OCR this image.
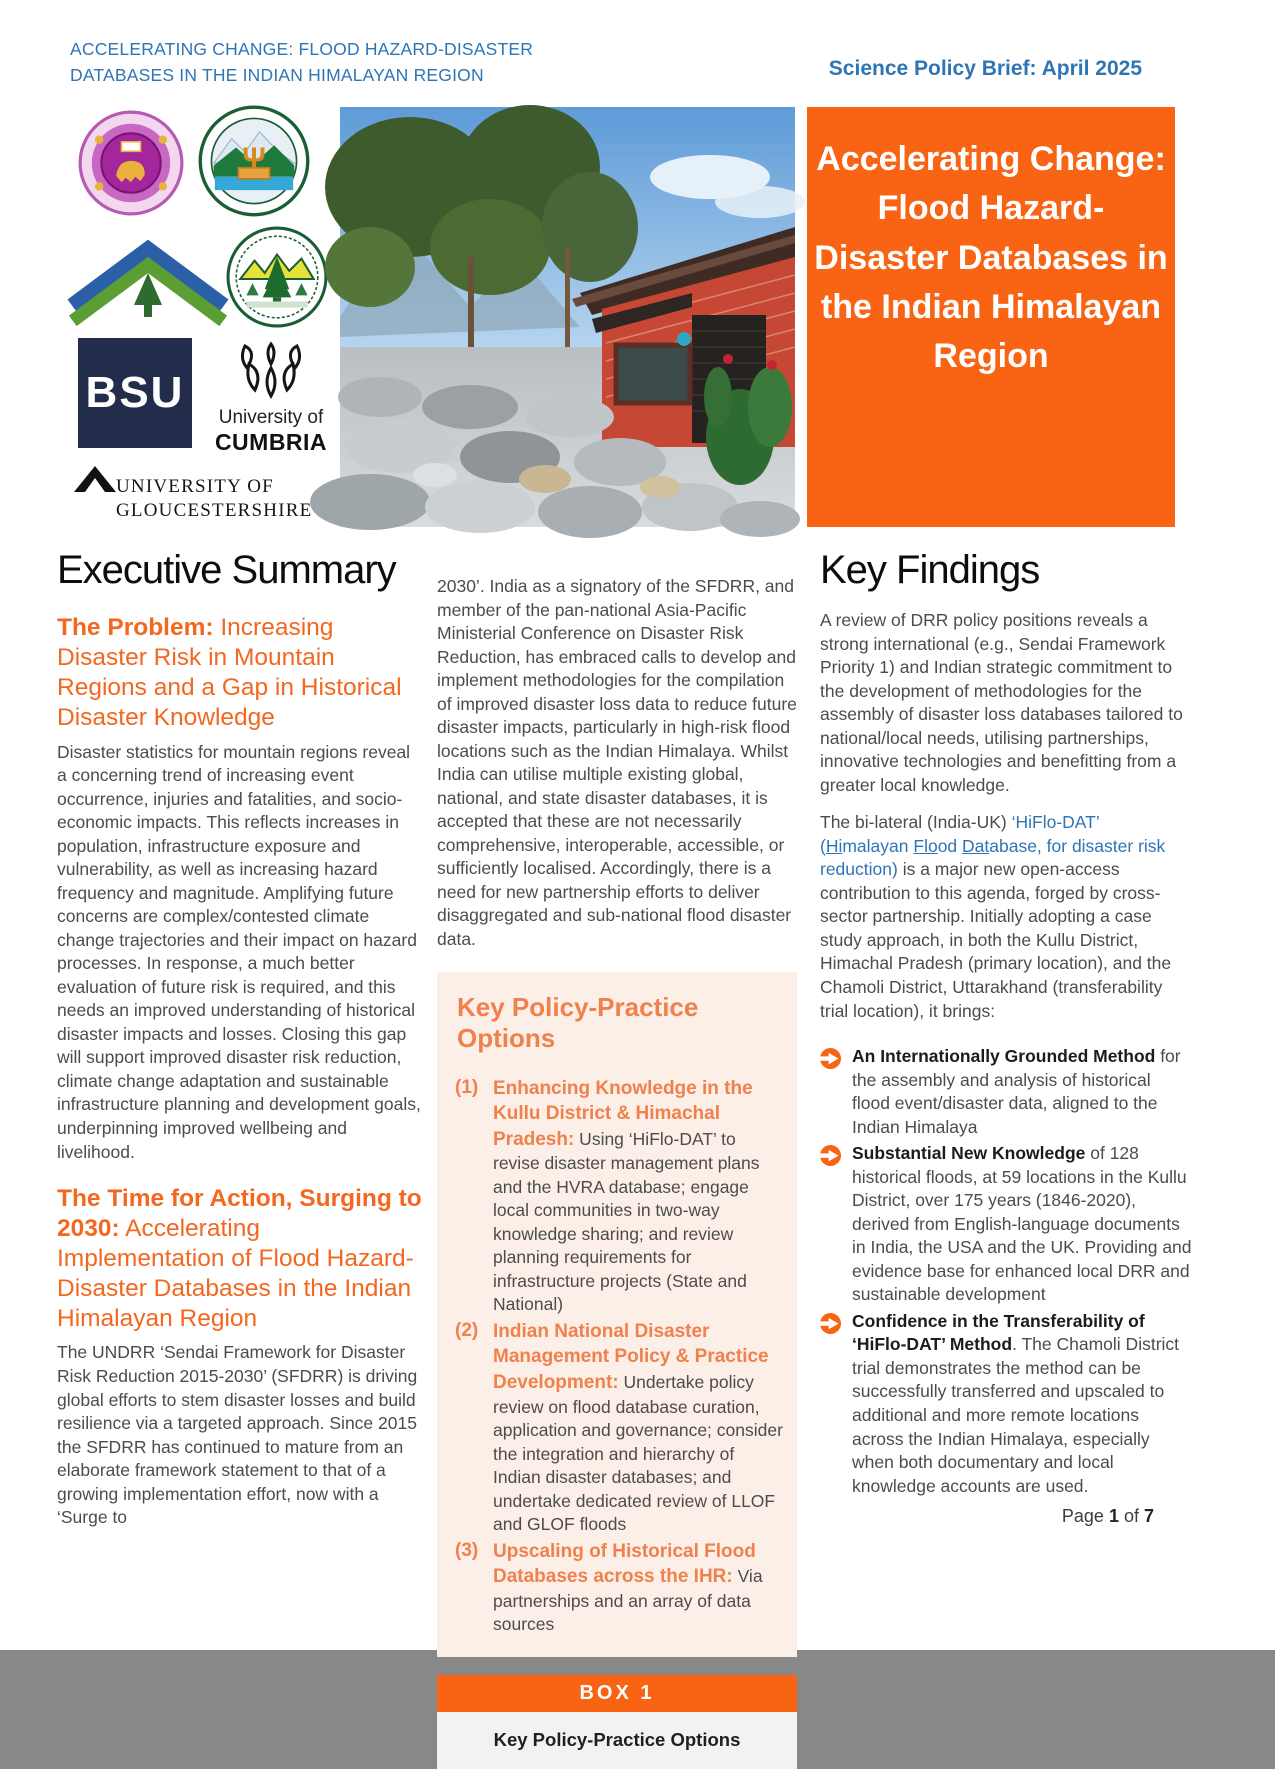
ACCELERATING CHANGE: FLOOD HAZARD-DISASTER
DATABASES IN THE INDIAN HIMALAYAN REGION	Science Policy Brief: April 2025
Ψ
BSU
University of
CUMBRIA
UNIVERSITY OF
GLOUCESTERSHIRE
Accelerating Change: Flood Hazard-Disaster Databases in the Indian Himalayan Region
Executive Summary
The Problem: Increasing Disaster Risk in Mountain Regions and a Gap in Historical Disaster Knowledge

Disaster statistics for mountain regions reveal a concerning trend of increasing event occurrence, injuries and fatalities, and socio-economic impacts. This reflects increases in population, infrastructure exposure and vulnerability, as well as increasing hazard frequency and magnitude. Amplifying future concerns are complex/contested climate change trajectories and their impact on hazard processes. In response, a much better evaluation of future risk is required, and this needs an improved understanding of historical disaster impacts and losses. Closing this gap will support improved disaster risk reduction, climate change adaptation and sustainable infrastructure planning and development goals, underpinning improved wellbeing and livelihood.

The Time for Action, Surging to 2030: Accelerating Implementation of Flood Hazard-Disaster Databases in the Indian Himalayan Region

The UNDRR ‘Sendai Framework for Disaster Risk Reduction 2015-2030’ (SFDRR) is driving global efforts to stem disaster losses and build resilience via a targeted approach. Since 2015 the SFDRR has continued to mature from an elaborate framework statement to that of a growing implementation effort, now with a ‘Surge to

2030’. India as a signatory of the SFDRR, and member of the pan-national Asia-Pacific Ministerial Conference on Disaster Risk Reduction, has embraced calls to develop and implement methodologies for the compilation of improved disaster loss data to reduce future disaster impacts, particularly in high-risk flood locations such as the Indian Himalaya. Whilst India can utilise multiple existing global, national, and state disaster databases, it is accepted that these are not necessarily comprehensive, interoperable, accessible, or sufficiently localised. Accordingly, there is a need for new partnership efforts to deliver disaggregated and sub-national flood disaster data.

Key Policy-Practice Options
(1) Enhancing Knowledge in the Kullu District & Himachal Pradesh: Using ‘HiFlo-DAT’ to revise disaster management plans and the HVRA database; engage local communities in two-way knowledge sharing; and review planning requirements for infrastructure projects (State and National)
(2) Indian National Disaster Management Policy & Practice Development: Undertake policy review on flood database curation, application and governance; consider the integration and hierarchy of Indian disaster databases; and undertake dedicated review of LLOF and GLOF floods
(3) Upscaling of Historical Flood Databases across the IHR: Via partnerships and an array of data sources
BOX 1
Key Policy-Practice Options
Key Findings

A review of DRR policy positions reveals a strong international (e.g., Sendai Framework Priority 1) and Indian strategic commitment to the development of methodologies for the assembly of disaster loss databases tailored to national/local needs, utilising partnerships, innovative technologies and benefitting from a greater local knowledge.

The bi-lateral (India-UK) ‘HiFlo-DAT’ (Himalayan Flood Database, for disaster risk reduction) is a major new open-access contribution to this agenda, forged by cross-sector partnership. Initially adopting a case study approach, in both the Kullu District, Himachal Pradesh (primary location), and the Chamoli District, Uttarakhand (transferability trial location), it brings:

An Internationally Grounded Method for the assembly and analysis of historical flood event/disaster data, aligned to the Indian Himalaya
Substantial New Knowledge of 128 historical floods, at 59 locations in the Kullu District, over 175 years (1846-2020), derived from English-language documents in India, the USA and the UK. Providing and evidence base for enhanced local DRR and sustainable development
Confidence in the Transferability of ‘HiFlo-DAT’ Method. The Chamoli District trial demonstrates the method can be successfully transferred and upscaled to additional and more remote locations across the Indian Himalaya, especially when both documentary and local knowledge accounts are used.
Page 1 of 7
